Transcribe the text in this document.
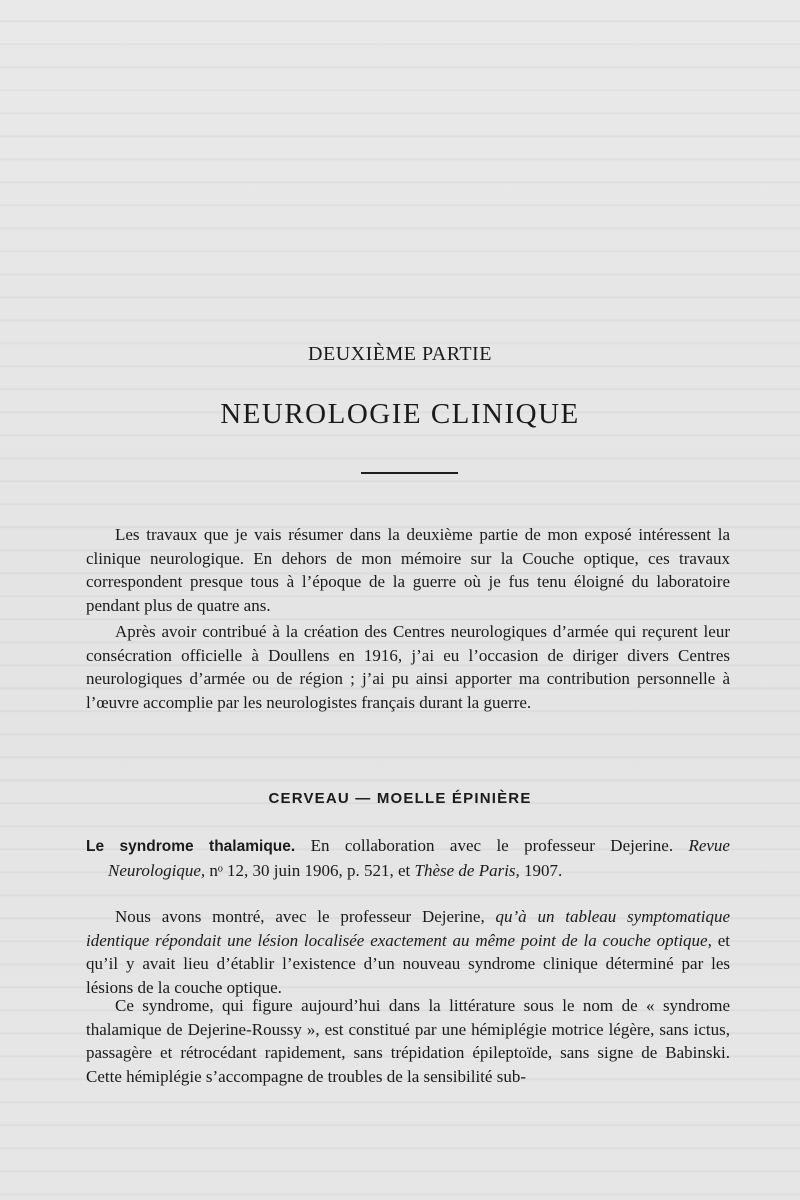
DEUXIÈME PARTIE
NEUROLOGIE CLINIQUE

Les travaux que je vais résumer dans la deuxième partie de mon exposé intéressent la clinique neurologique. En dehors de mon mémoire sur la Couche optique, ces travaux correspondent presque tous à l’époque de la guerre où je fus tenu éloigné du laboratoire pendant plus de quatre ans.

Après avoir contribué à la création des Centres neurologiques d’armée qui reçurent leur consécration officielle à Doullens en 1916, j’ai eu l’occasion de diriger divers Centres neurologiques d’armée ou de région ; j’ai pu ainsi apporter ma contribution personnelle à l’œuvre accomplie par les neurologistes français durant la guerre.

CERVEAU — MOELLE ÉPINIÈRE

Le syndrome thalamique. En collaboration avec le professeur Dejerine. Revue Neurologique, nᵒ 12, 30 juin 1906, p. 521, et Thèse de Paris, 1907.

Nous avons montré, avec le professeur Dejerine, qu’à un tableau symptomatique identique répondait une lésion localisée exactement au même point de la couche optique, et qu’il y avait lieu d’établir l’existence d’un nouveau syndrome clinique déterminé par les lésions de la couche optique.

Ce syndrome, qui figure aujourd’hui dans la littérature sous le nom de « syndrome thalamique de Dejerine-Roussy », est constitué par une hémiplégie motrice légère, sans ictus, passagère et rétrocédant rapidement, sans trépidation épileptoïde, sans signe de Babinski. Cette hémiplégie s’accompagne de troubles de la sensibilité sub-
